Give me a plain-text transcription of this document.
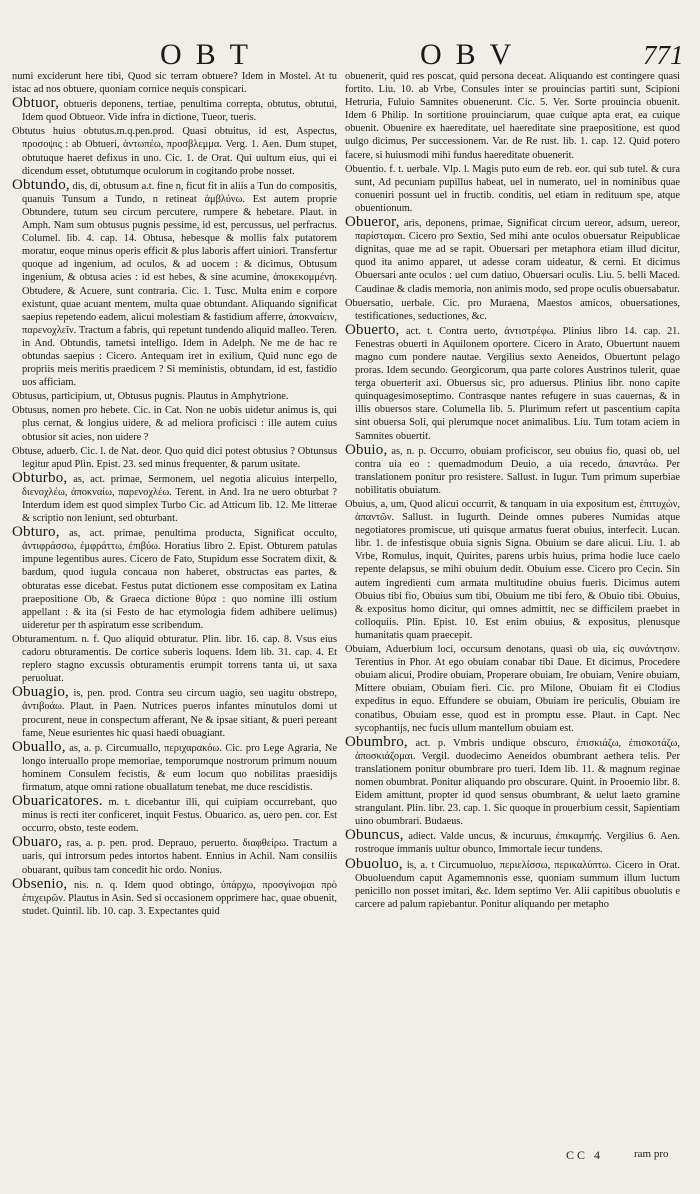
OBT	OBV	771

numi exciderunt here tibi, Quod sic terram obtuere? Idem in Mostel. At tu istac ad nos obtuere, quoniam cornice nequis conspicari.

Obtuor, obtueris deponens, tertiae, penultima correpta, obtutus, obtutui, Idem quod Obtueor. Vide infra in dictione, Tueor, tueris.

Obtutus huius obtutus.m.q.pen.prod. Quasi obtuitus, id est, Aspectus, προσοψις : ab Obtueri, ἀντωπέω, προσβλεμμα. Verg. 1. Aen. Dum stupet, obtutuque haeret defixus in uno. Cic. 1. de Orat. Qui uultum eius, qui ei dicendum esset, obtutumque oculorum in cogitando probe nosset.

Obtundo, dis, di, obtusum a.t. fine n, ficut fit in aliis a Tun do compositis, quanuis Tunsum a Tundo, n retineat ἀμβλύνω. Est autem proprie Obtundere, tutum seu circum percutere, rumpere & hebetare. Plaut. in Amph. Nam sum obtusus pugnis pessime, id est, percussus, uel perfractus. Columel. lib. 4. cap. 14. Obtusa, hebesque & mollis falx putatorem moratur, eoque minus operis efficit & plus laboris affert uiniori. Transfertur quoque ad ingenium, ad oculos, & ad uocem : & dicimus, Obtusum ingenium, & obtusa acies : id est hebes, & sine acumine, ἀποκεκομμένη. Obtudere, & Acuere, sunt contraria. Cic. 1. Tusc. Multa enim e corpore existunt, quae acuant mentem, multa quae obtundant. Aliquando significat saepius repetendo eadem, alicui molestiam & fastidium afferre, ἀποκναίειν, παρενοχλεῖν. Tractum a fabris, qui repetunt tundendo aliquid malleo. Teren. in And. Obtundis, tametsi intelligo. Idem in Adelph. Ne me de hac re obtundas saepius : Cicero. Antequam iret in exilium, Quid nunc ego de propriis meis meritis praedicem ? Si meministis, obtundam, id est, fastidio uos afficiam.

Obtusus, participium, ut, Obtusus pugnis. Plautus in Amphytrione.

Obtusus, nomen pro hebete. Cic. in Cat. Non ne uobis uidetur animus is, qui plus cernat, & longius uidere, & ad meliora proficisci : ille autem cuius obtusior sit acies, non uidere ?

Obtuse, aduerb. Cic. l. de Nat. deor. Quo quid dici potest obtusius ? Obtunsus legitur apud Plin. Epist. 23. sed minus frequenter, & parum usitate.

Obturbo, as, act. primae, Sermonem, uel negotia alicuius interpello, διενοχλέω, ἀποκναίω, παρενοχλέω. Terent. in And. Ira ne uero obturbat ? Interdum idem est quod simplex Turbo Cic. ad Atticum lib. 12. Me litterae & scriptio non leniunt, sed obturbant.

Obturo, as, act. primae, penultima producta, Significat occulto, ἀντιφράσσω, ἐμφράττω, ἐπιβύω. Horatius libro 2. Epist. Obturem patulas impune legentibus aures. Cicero de Fato, Stupidum esse Socratem dixit, & bardum, quod iugula concaua non haberet, obstructas eas partes, & obturatas esse dicebat. Festus putat dictionem esse compositam ex Latina praepositione Ob, & Graeca dictione θύρα : quo nomine illi ostium appellant : & ita (si Festo de hac etymologia fidem adhibere uelimus) uideretur per th aspiratum esse scribendum.

Obturamentum. n. f. Quo aliquid obturatur. Plin. libr. 16. cap. 8. Vsus eius cadoru obturamentis. De cortice suberis loquens. Idem lib. 31. cap. 4. Et replero stagno excussis obturamentis erumpit torrens tanta ui, ut saxa peruoluat.

Obuagio, is, pen. prod. Contra seu circum uagio, seu uagitu obstrepo, ἀντιβοάω. Plaut. in Paen. Nutrices pueros infantes minutulos domi ut procurent, neue in conspectum afferant, Ne & ipsae sitiant, & pueri pereant fame, Neue esurientes hic quasi haedi obuagiant.

Obuallo, as, a. p. Circumuallo, περιχαρακόω. Cic. pro Lege Agraria, Ne longo interuallo prope memoriae, temporumque nostrorum primum nouum hominem Consulem fecistis, & eum locum quo nobilitas praesidijs firmatum, atque omni ratione obuallatum tenebat, me duce rescidistis.

Obuaricatores. m. t. dicebantur illi, qui cuipiam occurrebant, quo minus is recti iter conficeret, inquit Festus. Obuarico. as, uero pen. cor. Est occurro, obsto, teste eodem.

Obuaro, ras, a. p. pen. prod. Deprauo, peruerto. διαφθείρω. Tractum a uaris, qui introrsum pedes intortos habent. Ennius in Achil. Nam consiliis obuarant, quibus tam concedit hic ordo. Nonius.

Obsenio, nis. n. q. Idem quod obtingo, ὑπάρχω, προσγίνομαι πρὸ ἐπιχειρῶν. Plautus in Asin. Sed si occasionem opprimere hac, quae obuenit, studet. Quintil. lib. 10. cap. 3. Expectantes quid

obuenerit, quid res poscat, quid persona deceat. Aliquando est contingere quasi fortito. Liu. 10. ab Vrbe, Consules inter se prouincias partiti sunt, Scipioni Hetruria, Fuluio Samnites obuenerunt. Cic. 5. Ver. Sorte prouincia obuenit. Idem 6 Philip. In sortitione prouinciarum, quae cuique apta erat, ea cuique obuenit. Obuenire ex haereditate, uel haereditate sine praepositione, est quod uulgo dicimus, Per successionem. Var. de Re rust. lib. 1. cap. 12. Quid potero facere, si huiusmodi mihi fundus haereditate obuenerit.

Obuentio. f. t. uerbale. Vlp. l. Magis puto eum de reb. eor. qui sub tutel. & cura sunt, Ad pecuniam pupillus habeat, uel in numerato, uel in nominibus quae conueniri possunt uel in fructib. conditis, uel etiam in redituum spe, atque obuentionum.

Obueror, aris, deponens, primae, Significat circum uereor, adsum, uereor, παρίσταμαι. Cicero pro Sextio, Sed mihi ante oculos obuersatur Reipublicae dignitas, quae me ad se rapit. Obuersari per metaphora etiam illud dicitur, quod ita animo apparet, ut adesse coram uideatur, & cerni. Et dicimus Obuersari ante oculos : uel cum datiuo, Obuersari oculis. Liu. 5. belli Maced. Caudinae & cladis memoria, non animis modo, sed prope oculis obuersabatur.

Obuersatio, uerbale. Cic. pro Muraena, Maestos amicos, obuersationes, testificationes, seductiones, &c.

Obuerto, act. t. Contra uerto, ἀντιστρέφω. Plinius libro 14. cap. 21. Fenestras obuerti in Aquilonem oportere. Cicero in Arato, Obuertunt nauem magno cum pondere nautae. Vergilius sexto Aeneidos, Obuertunt pelago proras. Idem secundo. Georgicorum, qua parte colores Austrinos tulerit, quae terga obuerterit axi. Obuersus sic, pro aduersus. Plinius libr. nono capite quinquagesimoseptimo. Contrasque nantes refugere in suas cauernas, & in illis obuersos stare. Columella lib. 5. Plurimum refert ut pascentium capita sint obuersa Soli, qui plerumque nocet animalibus. Liu. Tum totam aciem in Samnites obuertit.

Obuio, as, n. p. Occurro, obuiam proficiscor, seu obuius fio, quasi ob, uel contra uia eo : quemadmodum Deuio, a uia recedo, ἀπαντάω. Per translationem ponitur pro resistere. Sallust. in Iugur. Tum primum superbiae nobilitatis obuiatum.

Obuius, a, um, Quod alicui occurrit, & tanquam in uia expositum est, ἐπιτυχὼν, ἀπαντῶν. Sallust. in Iugurth. Deinde omnes puberes Numidas atque negotiatores promiscue, uti quisque armatus fuerat obuius, interfecit. Lucan. libr. 1. de infestisque obuia signis Signa. Obuium se dare alicui. Liu. 1. ab Vrbe, Romulus, inquit, Quirites, parens urbis huius, prima hodie luce caelo repente delapsus, se mihi obuium dedit. Obuium esse. Cicero pro Cecin. Sin autem ingredienti cum armata multitudine obuius fueris. Dicimus autem Obuius tibi fio, Obuius sum tibi, Obuium me tibi fero, & Obuio tibi. Obuius, & expositus homo dicitur, qui omnes admittit, nec se difficilem praebet in colloquiis. Plin. Epist. 10. Est enim obuius, & expositus, plenusque humanitatis quam praecepit.

Obuiam, Aduerbium loci, occursum denotans, quasi ob uia, εἰς συνάντησιν. Terentius in Phor. At ego obuiam conabar tibi Daue. Et dicimus, Procedere obuiam alicui, Prodire obuiam, Properare obuiam, Ire obuiam, Venire obuiam, Mittere obuiam, Obuiam fieri. Cic. pro Milone, Obuiam fit ei Clodius expeditus in equo. Effundere se obuiam, Obuiam ire periculis, Obuiam ire conatibus, Obuiam esse, quod est in promptu esse. Plaut. in Capt. Nec sycophantijs, nec fucis ullum mantellum obuiam est.

Obumbro, act. p. Vmbris undique obscuro, ἐπισκιάζω, ἐπισκοτάζω, ἀποσκιάζομαι. Vergil. duodecimo Aeneidos obumbrant aethera telis. Per translationem ponitur obumbrare pro tueri. Idem lib. 11. & magnum reginae nomen obumbrat. Ponitur aliquando pro obscurare. Quint. in Prooemio libr. 8. Eidem amittunt, propter id quod sensus obumbrant, & uelut laeto gramine strangulant. Plin. libr. 23. cap. 1. Sic quoque in prouerbium cessit, Sapientiam uino obumbrari. Budaeus.

Obuncus, adiect. Valde uncus, & incuruus, ἐπικαμπής. Vergilius 6. Aen. rostroque immanis uultur obunco, Immortale iecur tundens.

Obuoluo, is, a. t Circumuoluo, περιελίσσω, περικαλύπτω. Cicero in Orat. Obuoluendum caput Agamemnonis esse, quoniam summum illum luctum penicillo non posset imitari, &c. Idem septimo Ver. Alii capitibus obuolutis e carcere ad palum rapiebantur. Ponitur aliquando per metapho

CC 4	ram pro
